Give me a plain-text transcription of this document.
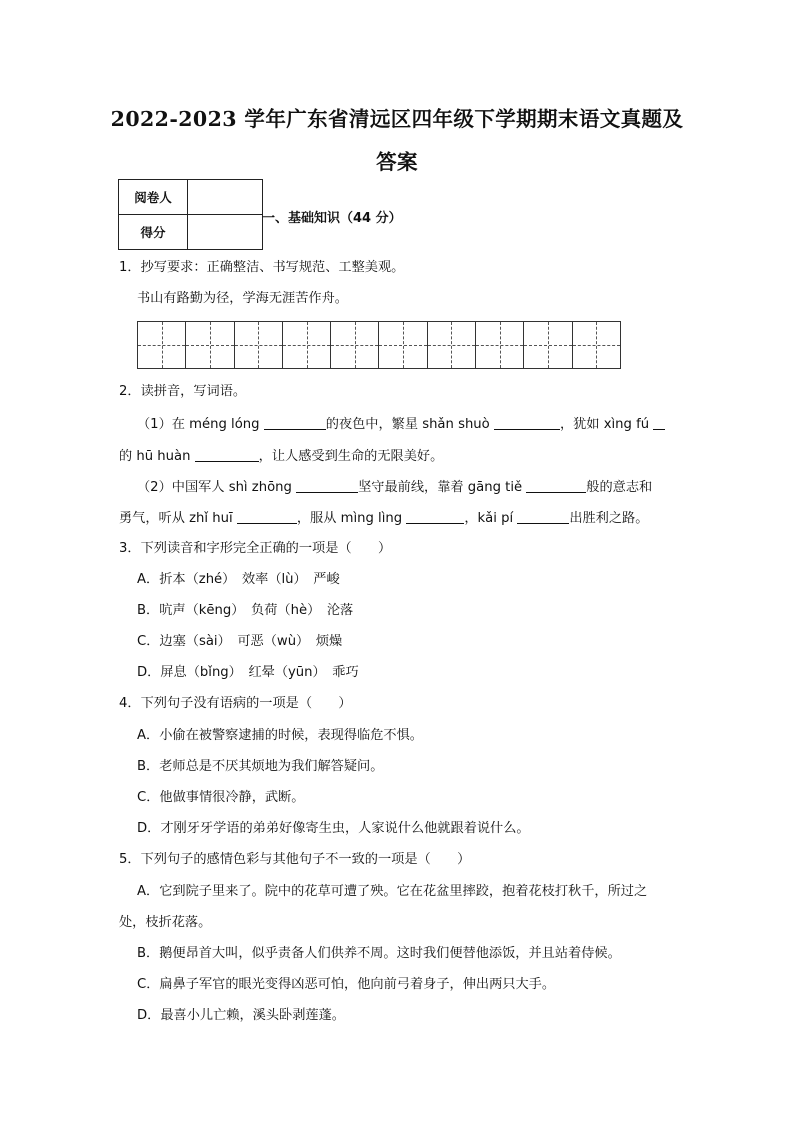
2022-2023 学年广东省清远区四年级下学期期末语文真题及
答案
阅卷人	
得分	
一、基础知识（44 分）
1．抄写要求：正确整洁、书写规范、工整美观。
书山有路勤为径，学海无涯苦作舟。
2．读拼音，写词语。
（1）在 méng lóng	的夜色中，繁星 shǎn shuò	，犹如 xìng fú
的 hū huàn	，让人感受到生命的无限美好。
（2）中国军人 shì zhōng	坚守最前线，靠着 gāng tiě	般的意志和
勇气，听从 zhǐ huī	，服从 mìng lìng	，kǎi pí	出胜利之路。
3．下列读音和字形完全正确的一项是（　　）
A．折本（zhé）　效率（lù）　严峻
B．吭声（kēng）　负荷（hè）　沦落
C．边塞（sài）　可恶（wù）　烦燥
D．屏息（bǐng）　红晕（yūn）　乖巧
4．下列句子没有语病的一项是（　　）
A．小偷在被警察逮捕的时候，表现得临危不惧。
B．老师总是不厌其烦地为我们解答疑问。
C．他做事情很冷静，武断。
D．才刚牙牙学语的弟弟好像寄生虫，人家说什么他就跟着说什么。
5．下列句子的感情色彩与其他句子不一致的一项是（　　）
A．它到院子里来了。院中的花草可遭了殃。它在花盆里摔跤，抱着花枝打秋千，所过之
处，枝折花落。
B．鹅便昂首大叫，似乎责备人们供养不周。这时我们便替他添饭，并且站着侍候。
C．扁鼻子军官的眼光变得凶恶可怕，他向前弓着身子，伸出两只大手。
D．最喜小儿亡赖，溪头卧剥莲蓬。
